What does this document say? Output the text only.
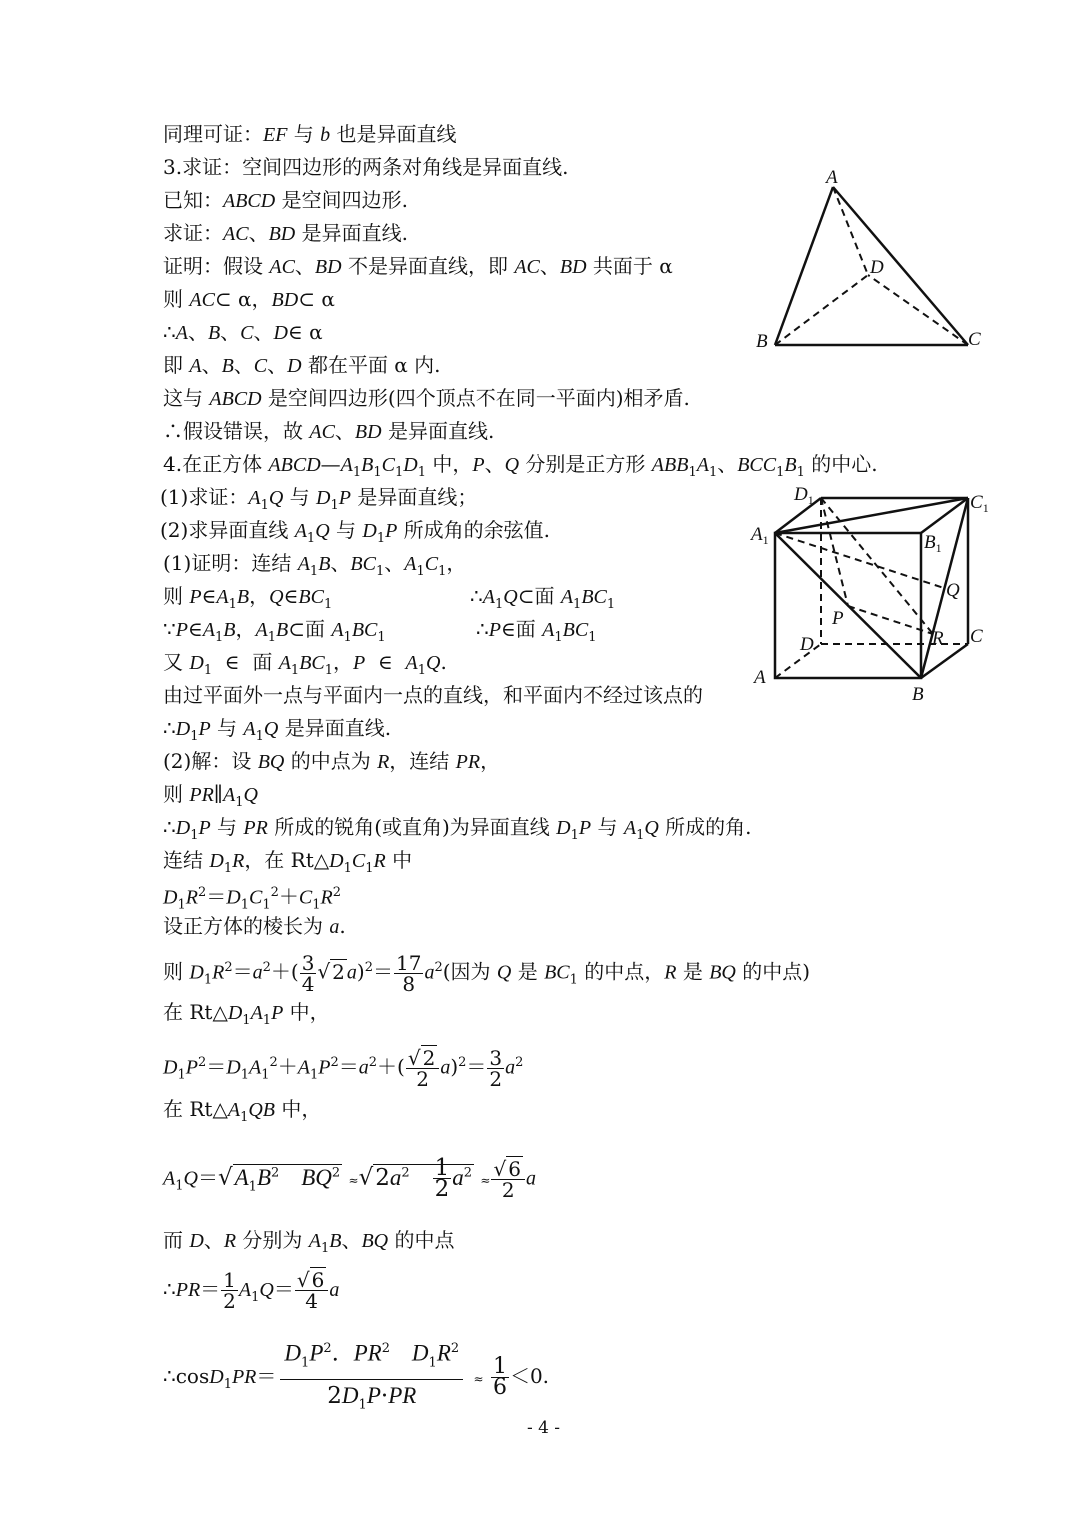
同理可证：EF 与 b 也是异面直线
3.求证：空间四边形的两条对角线是异面直线.
已知：ABCD 是空间四边形.
求证：AC、BD 是异面直线.
证明：假设 AC、BD 不是异面直线，即 AC、BD 共面于 α
则 AC⊂ α，BD⊂ α
∴A、B、C、D∈ α
即 A、B、C、D 都在平面 α 内.
这与 ABCD 是空间四边形(四个顶点不在同一平面内)相矛盾.
∴假设错误，故 AC、BD 是异面直线.
4.在正方体 $ABCD—A_1B_1C_1D_1$ 中，P、Q 分别是正方形 $ABB_1A_1$、$BCC_1B_1$ 的中心.
(1)求证：$A_1Q$ 与 $D_1P$ 是异面直线；
(2)求异面直线 $A_1Q$ 与 $D_1P$ 所成角的余弦值.
(1)证明：连结 $A_1B$、$BC_1$、$A_1C_1$，
则 $P\in A_1B$，$Q\in BC_1$	$\therefore A_1Q\subset$面 $A_1BC_1$
$\because P\in A_1B$，$A_1B\subset$面 $A_1BC_1$	∴P∈面 $A_1BC_1$
又 $D_1$  ∈  面 $A_1BC_1$，P  ∈  $A_1Q$.
由过平面外一点与平面内一点的直线，和平面内不经过该点的
$\therefore D_1P$ 与 $A_1Q$ 是异面直线.
(2)解：设 BQ 的中点为 R，连结 PR，
则 $PR\parallel A_1Q$
$\therefore D_1P$ 与 PR 所成的锐角(或直角)为异面直线 $D_1P$ 与 $A_1Q$ 所成的角.
连结 $D_1R$，在 $Rt\triangle D_1C_1R$ 中
$D_1R^2=D_1C_1^2+C_1R^2$
设正方体的棱长为 a.
则 $D_1R^2=a^2+( \frac{3}{4}$ √ 2 $a)^2= \frac{17}{8} a^2$(因为 Q 是 $BC_1$ 的中点，R 是 BQ 的中点)
在 $Rt\triangle D_1A_1P$ 中，
$D_1P^2=D_1A_1^2+A_1P^2=a^2+( \frac{√ 2}{2} a)^2= \frac{3}{2} a^2$
在 $Rt\triangle A_1QB$ 中，
$A_1Q=√A_1B^2$ $BQ^2 \approx√2a^2 \frac{1}{2} a^2 \approx \frac{√ 6}{2}$ a
而 D、R 分别为 $A_1B$、BQ 的中点
∴PR＝ $\frac{1}{2} A_1Q= \frac{√ 6}{4}$ a
∴cosD$_1$PR＝ $\frac{D_1P^2. PR^2 D_1R^2}{2D_1P\cdot PR} \approx \frac{1}{6} <0$.
A
D
B	C
$D_1$	$C_1$
$A_1$	$B_1$
Q
P
R
D	C
A
B
- 4 -
